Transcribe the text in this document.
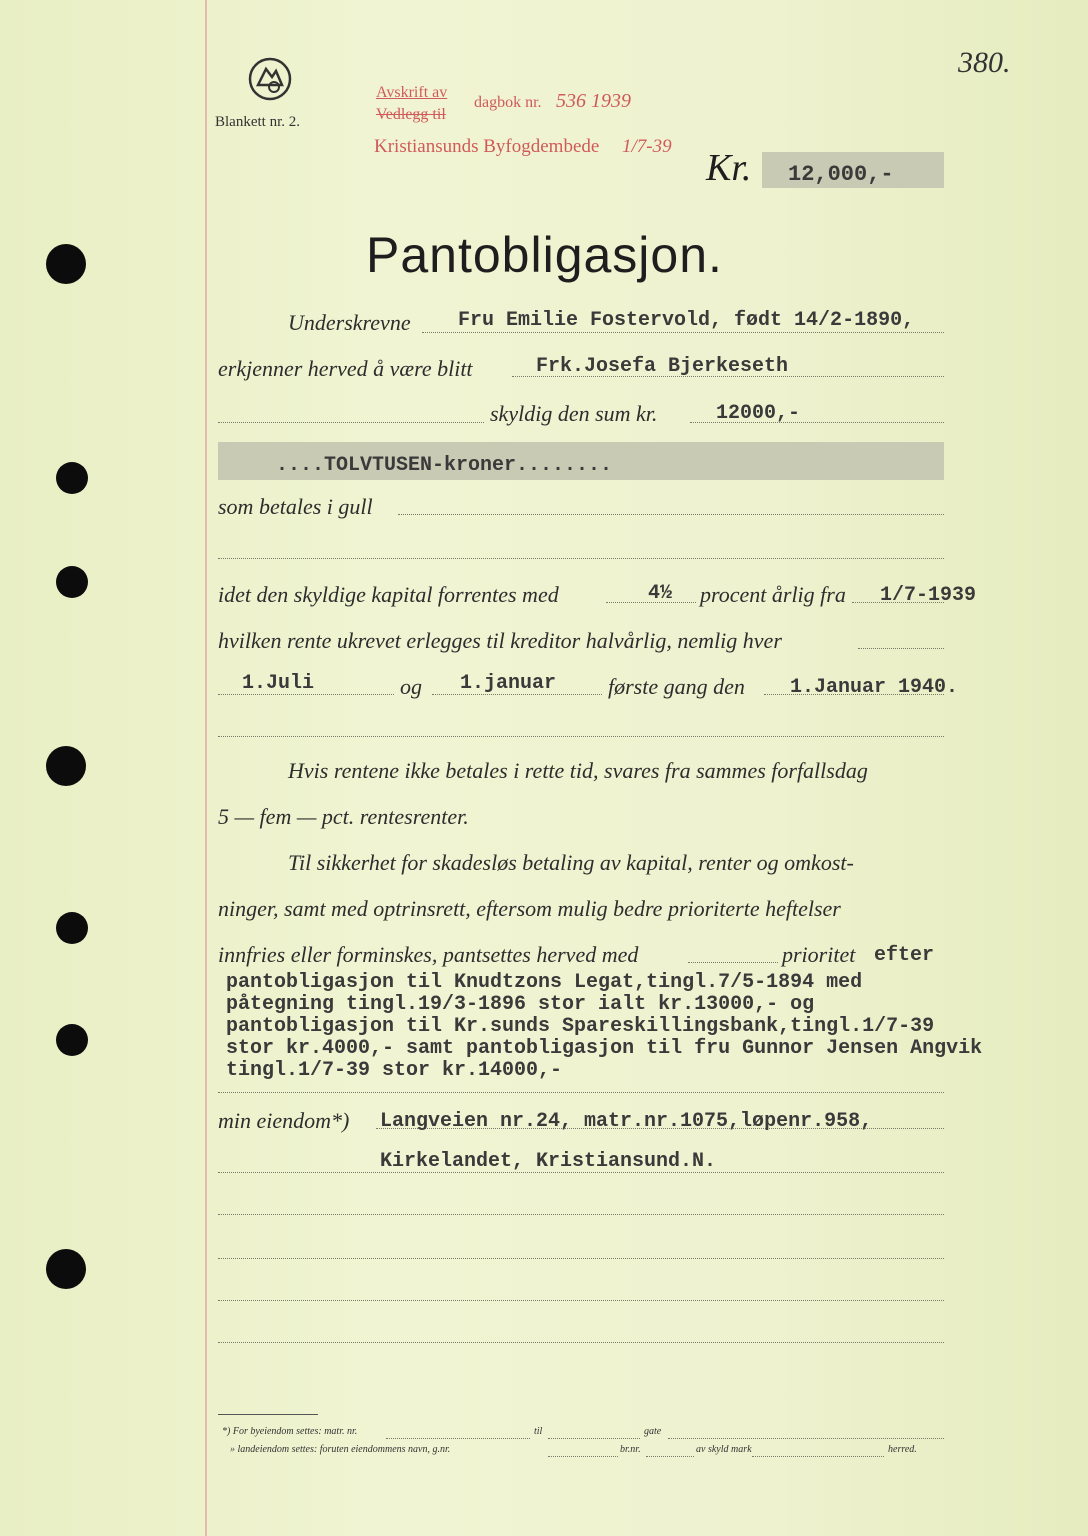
Blankett nr. 2.
Avskrift av
dagbok nr. 536 1939
Vedlegg til
Kristiansunds Byfogdembede 1/7-39
380.
Kr. 12,000,-
Pantobligasjon.
Underskrevne Fru Emilie Fostervold, født 14/2-1890,
erkjenner herved å være blitt	Frk.Josefa Bjerkeseth
skyldig den sum kr.	12000,-
....TOLVTUSEN-kroner........
som betales i gull
idet den skyldige kapital forrentes med	4½ procent årlig fra 1/7-1939
hvilken rente ukrevet erlegges til kreditor halvårlig, nemlig hver
1.Juli	og 1.januar første gang den 1.Januar 1940.
Hvis rentene ikke betales i rette tid, svares fra sammes forfallsdag
5 — fem — pct. rentesrenter.
Til sikkerhet for skadesløs betaling av kapital, renter og omkost-
ninger, samt med optrinsrett, eftersom mulig bedre prioriterte heftelser
innfries eller forminskes, pantsettes herved med	prioritet efter
pantobligasjon til Knudtzons Legat,tingl.7/5-1894 med
påtegning tingl.19/3-1896 stor ialt kr.13000,- og
pantobligasjon til Kr.sunds Spareskillingsbank,tingl.1/7-39
stor kr.4000,- samt pantobligasjon til fru Gunnor Jensen Angvik
tingl.1/7-39 stor kr.14000,-
min eiendom*) Langveien nr.24, matr.nr.1075,løpenr.958,
Kirkelandet, Kristiansund.N.
*) For byeiendom settes: matr. nr.	til	gate
» landeiendom settes: foruten eiendommens navn, g.nr.	br.nr.	av skyld mark	herred.
